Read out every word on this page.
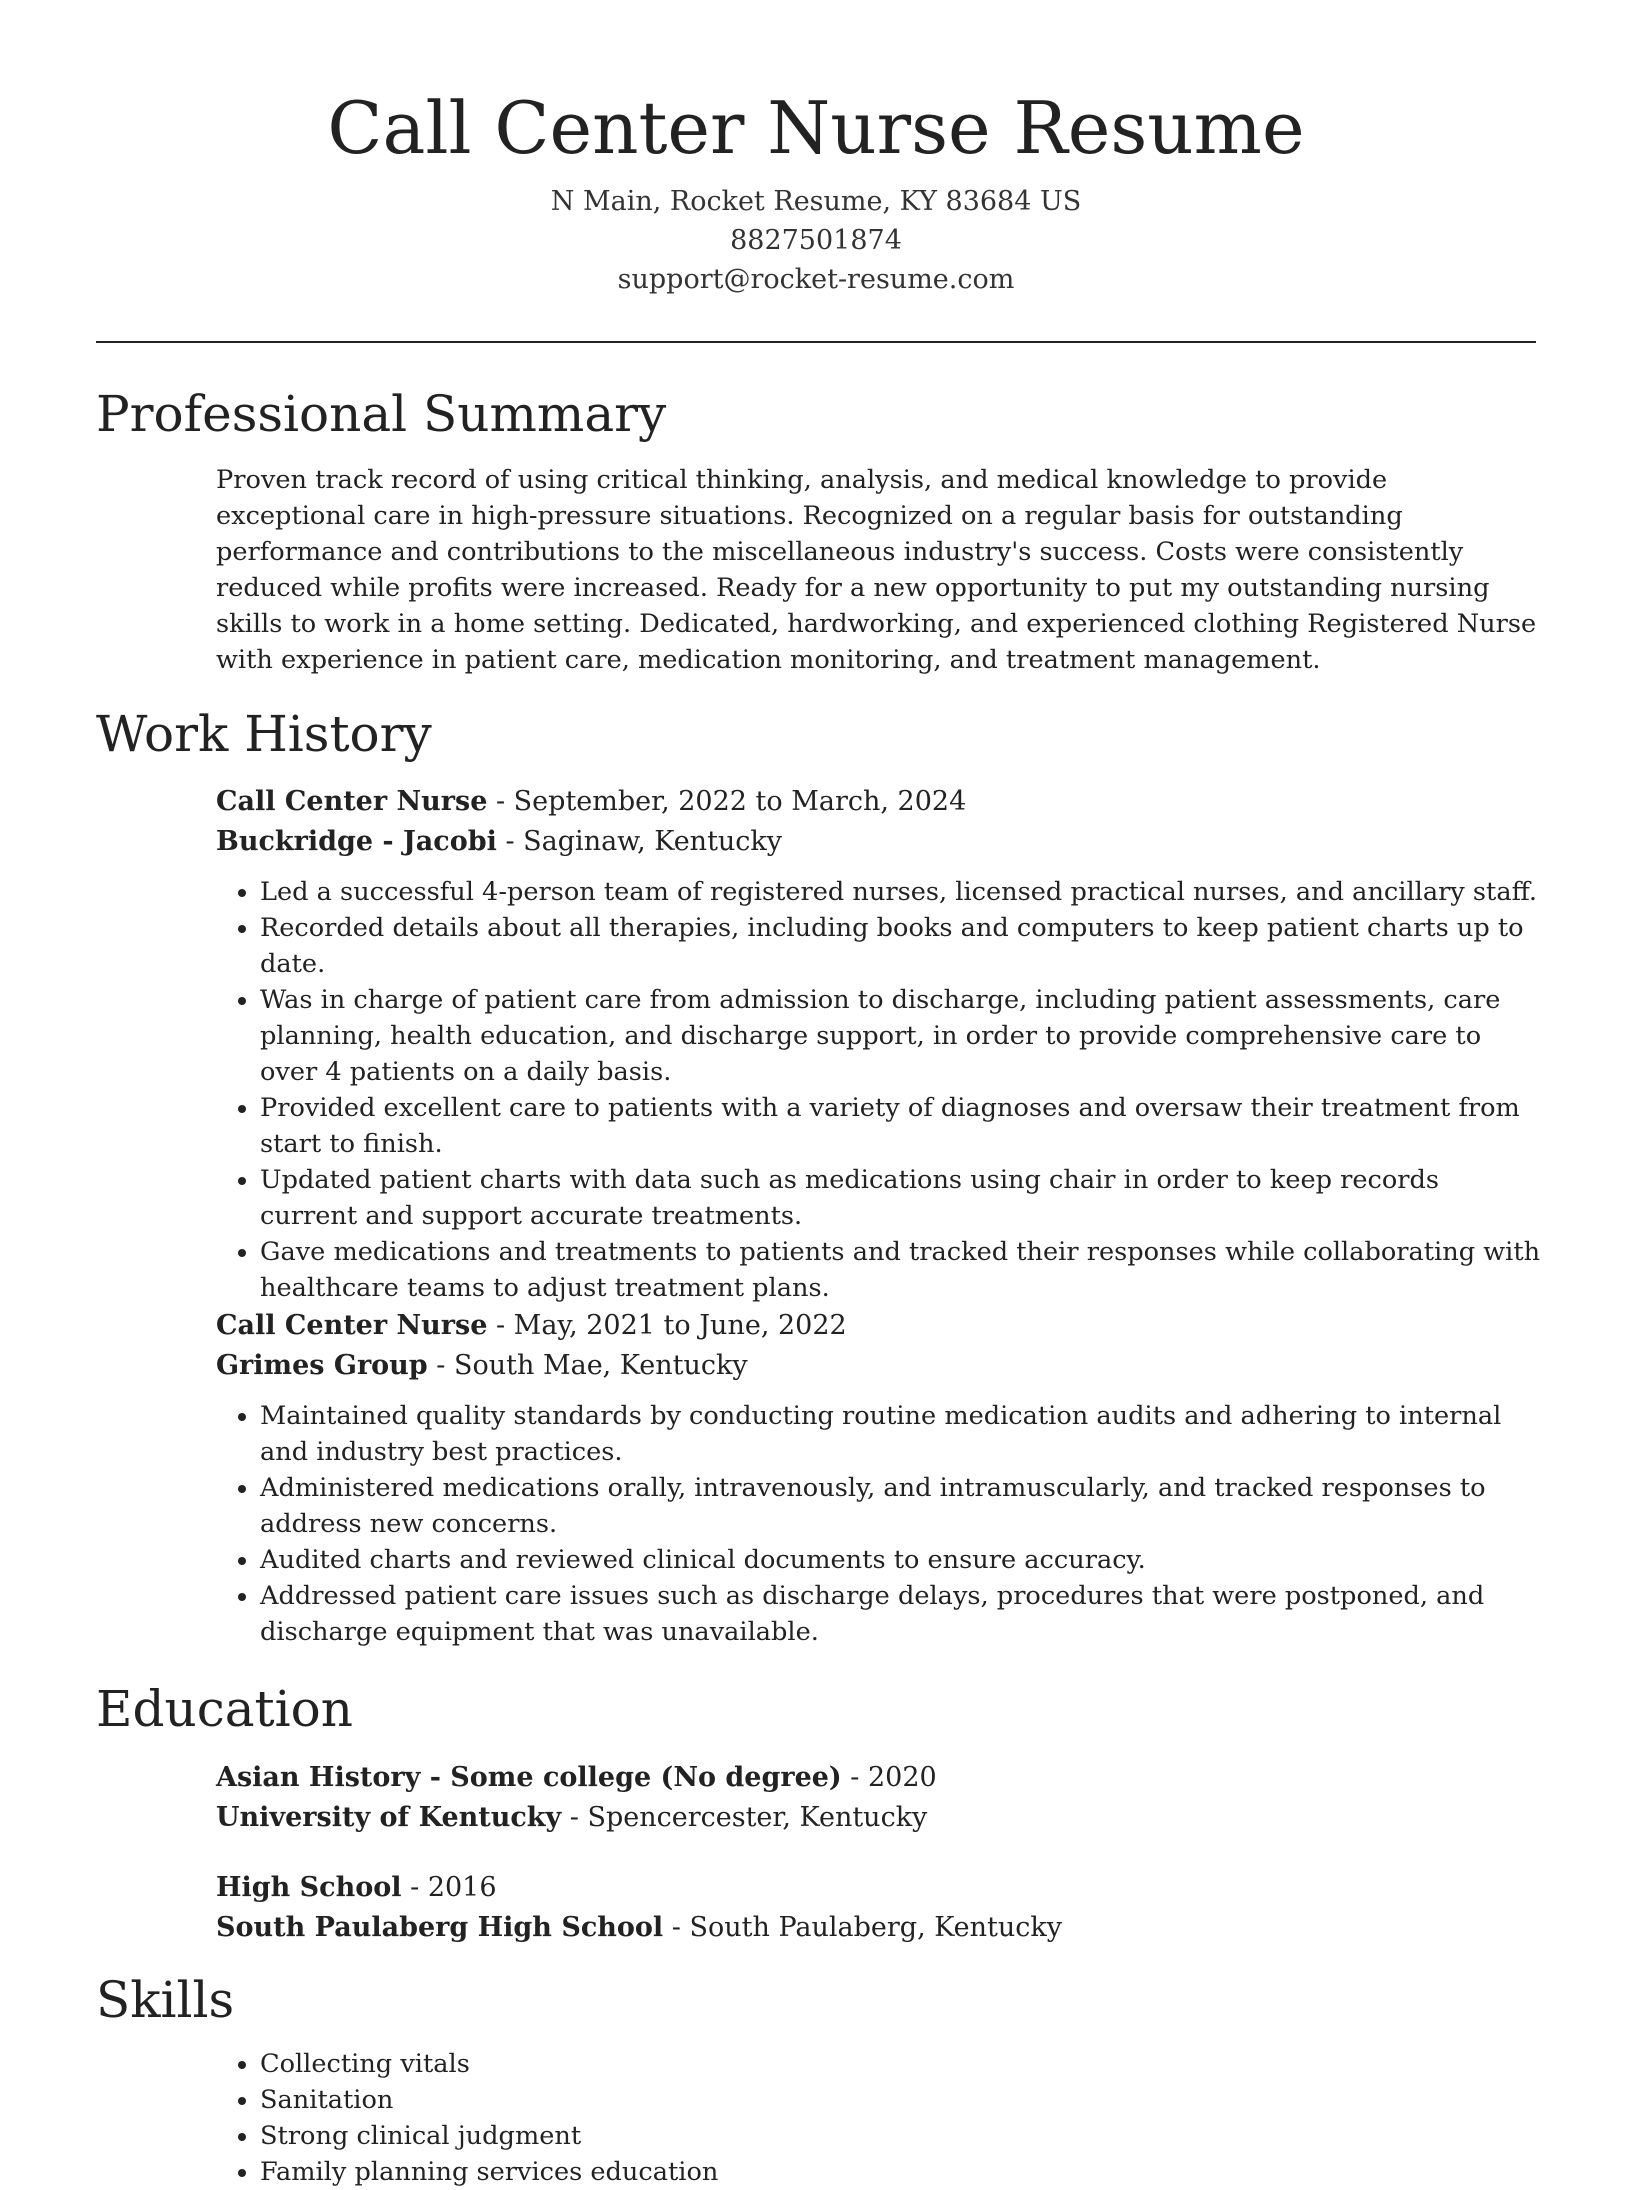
Call Center Nurse Resume
N Main, Rocket Resume, KY 83684 US
8827501874
support@rocket-resume.com
Professional Summary
Proven track record of using critical thinking, analysis, and medical knowledge to provide exceptional care in high-pressure situations. Recognized on a regular basis for outstanding performance and contributions to the miscellaneous industry's success. Costs were consistently reduced while profits were increased. Ready for a new opportunity to put my outstanding nursing skills to work in a home setting. Dedicated, hardworking, and experienced clothing Registered Nurse with experience in patient care, medication monitoring, and treatment management.
Work History
Call Center Nurse - September, 2022 to March, 2024
Buckridge - Jacobi - Saginaw, Kentucky
• Led a successful 4-person team of registered nurses, licensed practical nurses, and ancillary staff.
• Recorded details about all therapies, including books and computers to keep patient charts up to date.
• Was in charge of patient care from admission to discharge, including patient assessments, care planning, health education, and discharge support, in order to provide comprehensive care to over 4 patients on a daily basis.
• Provided excellent care to patients with a variety of diagnoses and oversaw their treatment from start to finish.
• Updated patient charts with data such as medications using chair in order to keep records current and support accurate treatments.
• Gave medications and treatments to patients and tracked their responses while collaborating with healthcare teams to adjust treatment plans.
Call Center Nurse - May, 2021 to June, 2022
Grimes Group - South Mae, Kentucky
• Maintained quality standards by conducting routine medication audits and adhering to internal and industry best practices.
• Administered medications orally, intravenously, and intramuscularly, and tracked responses to address new concerns.
• Audited charts and reviewed clinical documents to ensure accuracy.
• Addressed patient care issues such as discharge delays, procedures that were postponed, and discharge equipment that was unavailable.
Education
Asian History - Some college (No degree) - 2020
University of Kentucky - Spencercester, Kentucky
High School - 2016
South Paulaberg High School - South Paulaberg, Kentucky
Skills
• Collecting vitals
• Sanitation
• Strong clinical judgment
• Family planning services education
